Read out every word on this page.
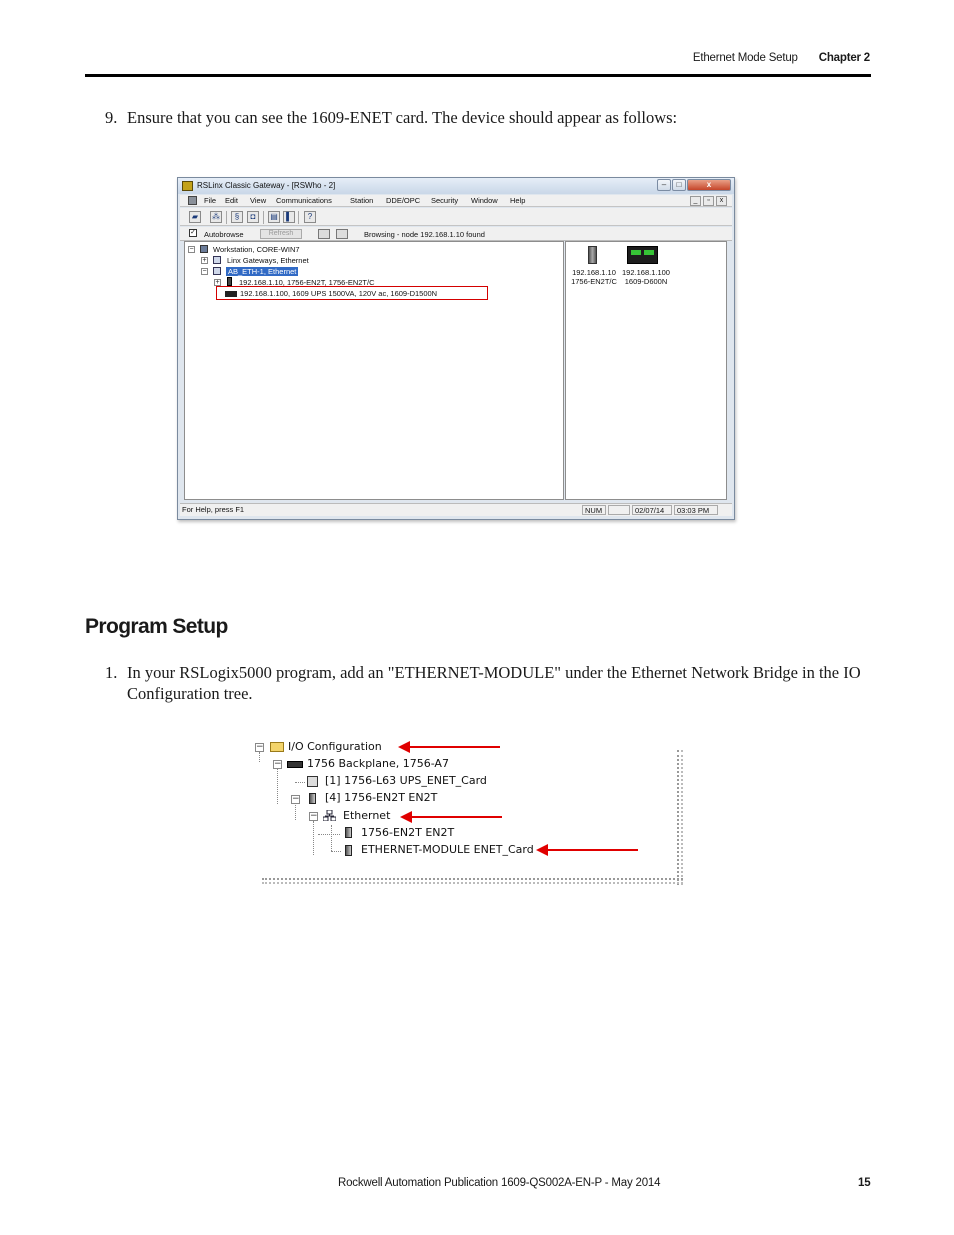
Ethernet Mode Setup Chapter 2
9. Ensure that you can see the 1609-ENET card. The device should appear as follows:
RSLinx Classic Gateway - [RSWho - 2]	–	□	x
File Edit View Communications Station DDE/OPC Security Window Help	_	▫	x
▰	⁂	§	◘	▤	▌	?
✓ Autobrowse	Refresh	Browsing - node 192.168.1.10 found
−	Workstation, CORE-WIN7
+	Linx Gateways, Ethernet
−	AB_ETH-1, Ethernet
+	192.168.1.10, 1756-EN2T, 1756-EN2T/C
192.168.1.100, 1609 UPS 1500VA, 120V ac, 1609-D1500N
192.168.1.10
1756-EN2T/C
192.168.1.100
1609-D600N
For Help, press F1	NUM	02/07/14	03:03 PM
Program Setup
1. In your RSLogix5000 program, add an "ETHERNET-MODULE" under the Ethernet Network Bridge in the IO Configuration tree.
− I/O Configuration
− 1756 Backplane, 1756-A7
[1] 1756-L63 UPS_ENET_Card
− [4] 1756-EN2T EN2T
− Ethernet
1756-EN2T EN2T
ETHERNET-MODULE ENET_Card
Rockwell Automation Publication 1609-QS002A-EN-P - May 2014	15
